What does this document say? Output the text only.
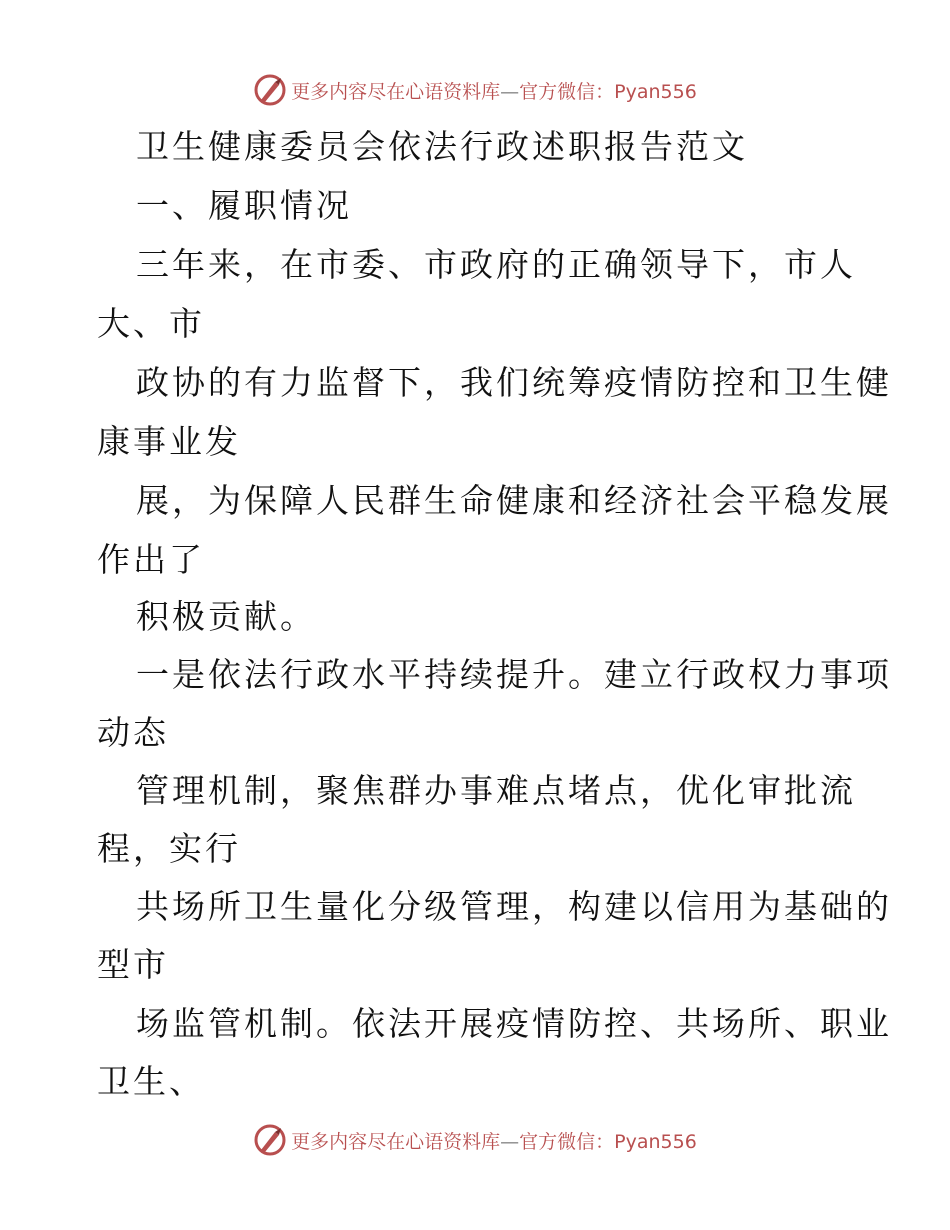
更多内容尽在心语资料库—官方微信：Pyan556
卫生健康委员会依法行政述职报告范文
一、履职情况
三年来，在市委、市政府的正确领导下，市人
大、市
政协的有力监督下，我们统筹疫情防控和卫生健
康事业发
展，为保障人民群生命健康和经济社会平稳发展
作出了
积极贡献。
一是依法行政水平持续提升。建立行政权力事项
动态
管理机制，聚焦群办事难点堵点，优化审批流
程，实行
共场所卫生量化分级管理，构建以信用为基础的
型市
场监管机制。依法开展疫情防控、共场所、职业
卫生、
更多内容尽在心语资料库—官方微信：Pyan556
